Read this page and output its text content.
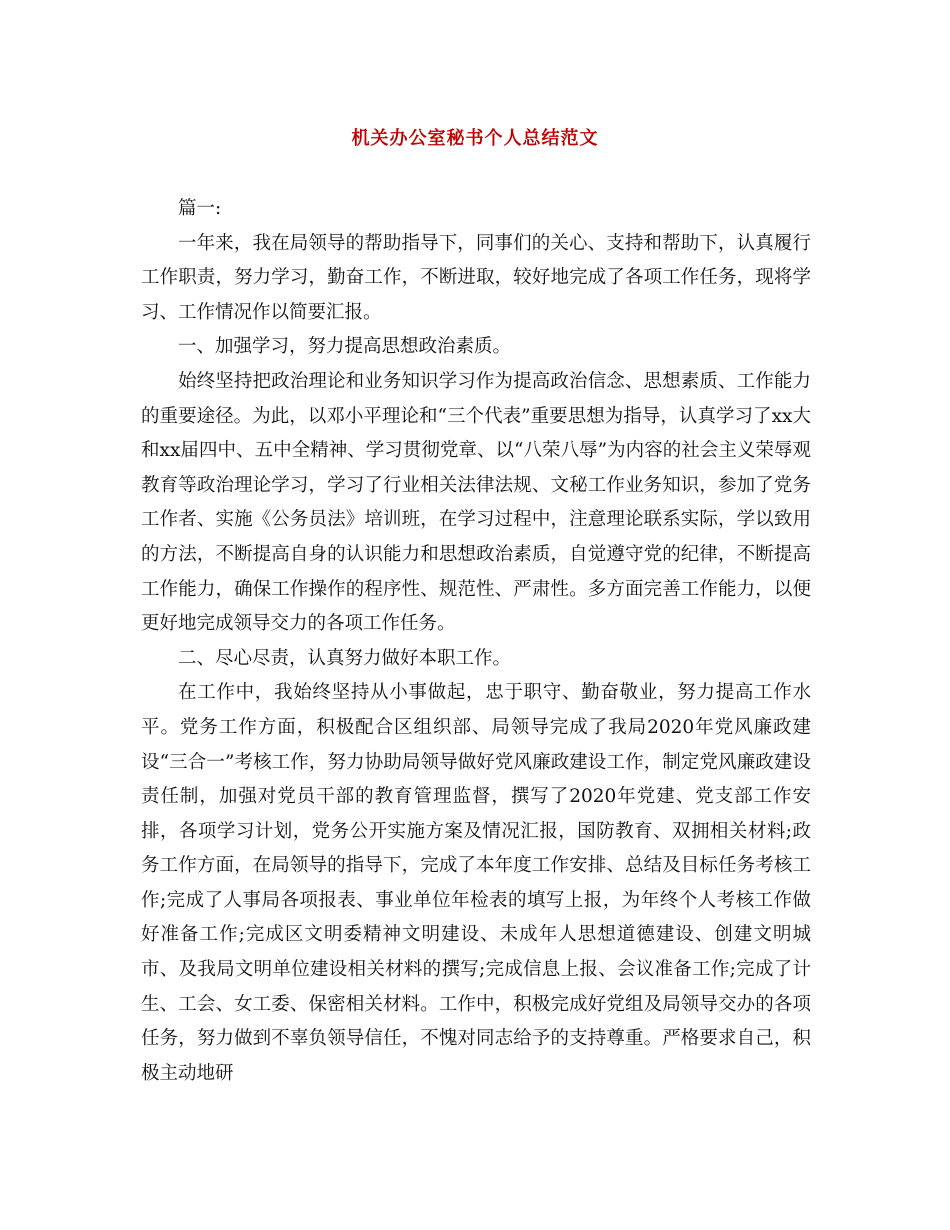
机关办公室秘书个人总结范文

篇一:

一年来，我在局领导的帮助指导下，同事们的关心、支持和帮助下，认真履行工作职责，努力学习，勤奋工作，不断进取，较好地完成了各项工作任务，现将学习、工作情况作以简要汇报。

一、加强学习，努力提高思想政治素质。

始终坚持把政治理论和业务知识学习作为提高政治信念、思想素质、工作能力的重要途径。为此，以邓小平理论和“三个代表”重要思想为指导，认真学习了xx大和xx届四中、五中全精神、学习贯彻党章、以“八荣八辱”为内容的社会主义荣辱观教育等政治理论学习，学习了行业相关法律法规、文秘工作业务知识，参加了党务工作者、实施《公务员法》培训班，在学习过程中，注意理论联系实际，学以致用的方法，不断提高自身的认识能力和思想政治素质，自觉遵守党的纪律，不断提高工作能力，确保工作操作的程序性、规范性、严肃性。多方面完善工作能力，以便更好地完成领导交力的各项工作任务。

二、尽心尽责，认真努力做好本职工作。

在工作中，我始终坚持从小事做起，忠于职守、勤奋敬业，努力提高工作水平。党务工作方面，积极配合区组织部、局领导完成了我局2020年党风廉政建设“三合一”考核工作，努力协助局领导做好党风廉政建设工作，制定党风廉政建设责任制，加强对党员干部的教育管理监督，撰写了2020年党建、党支部工作安排，各项学习计划，党务公开实施方案及情况汇报，国防教育、双拥相关材料;政务工作方面，在局领导的指导下，完成了本年度工作安排、总结及目标任务考核工作;完成了人事局各项报表、事业单位年检表的填写上报，为年终个人考核工作做好准备工作;完成区文明委精神文明建设、未成年人思想道德建设、创建文明城市、及我局文明单位建设相关材料的撰写;完成信息上报、会议准备工作;完成了计生、工会、女工委、保密相关材料。工作中，积极完成好党组及局领导交办的各项任务，努力做到不辜负领导信任，不愧对同志给予的支持尊重。严格要求自己，积极主动地研
